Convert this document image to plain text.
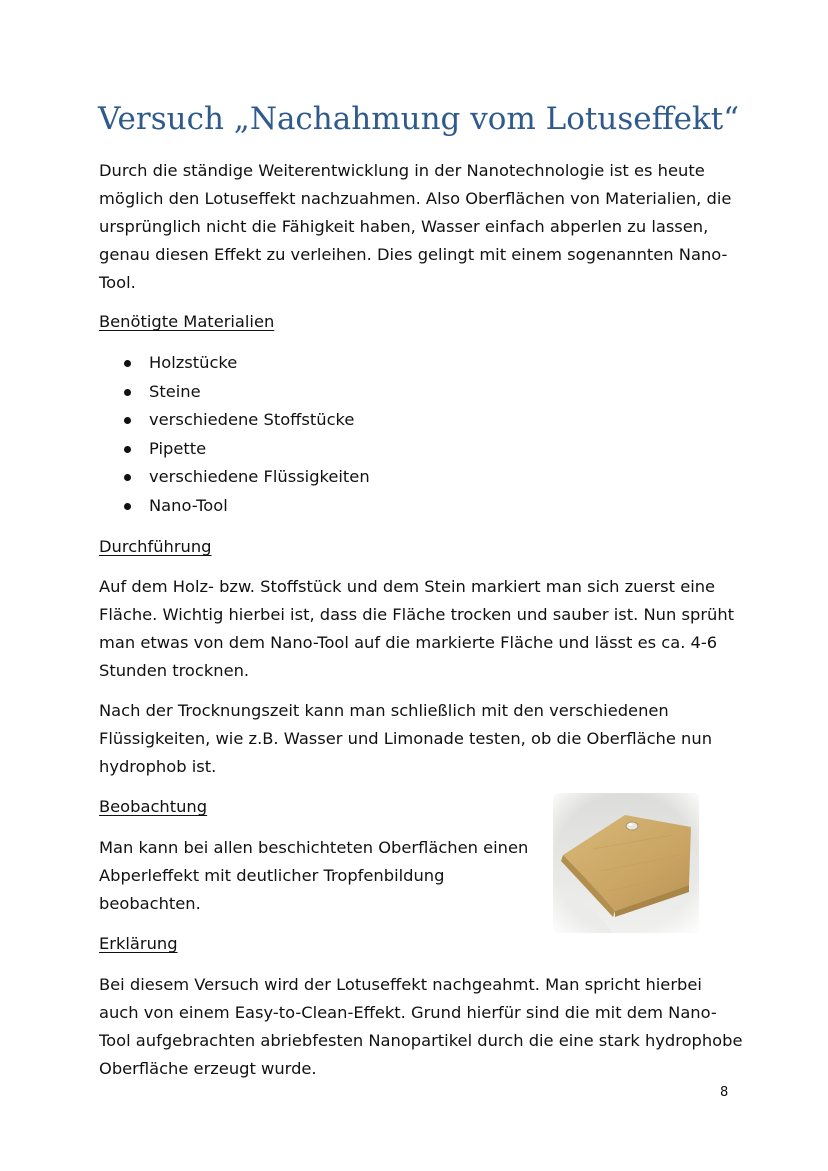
Versuch „Nachahmung vom Lotuseffekt“

Durch die ständige Weiterentwicklung in der Nanotechnologie ist es heute möglich den Lotuseffekt nachzuahmen. Also Oberflächen von Materialien, die ursprünglich nicht die Fähigkeit haben, Wasser einfach abperlen zu lassen, genau diesen Effekt zu verleihen. Dies gelingt mit einem sogenannten Nano-Tool.

Benötigte Materialien
Holzstücke
Steine
verschiedene Stoffstücke
Pipette
verschiedene Flüssigkeiten
Nano-Tool
Durchführung

Auf dem Holz- bzw. Stoffstück und dem Stein markiert man sich zuerst eine Fläche. Wichtig hierbei ist, dass die Fläche trocken und sauber ist. Nun sprüht man etwas von dem Nano-Tool auf die markierte Fläche und lässt es ca. 4-6 Stunden trocknen.

Nach der Trocknungszeit kann man schließlich mit den verschiedenen Flüssigkeiten, wie z.B. Wasser und Limonade testen, ob die Oberfläche nun hydrophob ist.

Beobachtung

Man kann bei allen beschichteten Oberflächen einen Abperleffekt mit deutlicher Tropfenbildung beobachten.

Erklärung

Bei diesem Versuch wird der Lotuseffekt nachgeahmt. Man spricht hierbei auch von einem Easy-to-Clean-Effekt. Grund hierfür sind die mit dem Nano-Tool aufgebrachten abriebfesten Nanopartikel durch die eine stark hydrophobe Oberfläche erzeugt wurde.

8
